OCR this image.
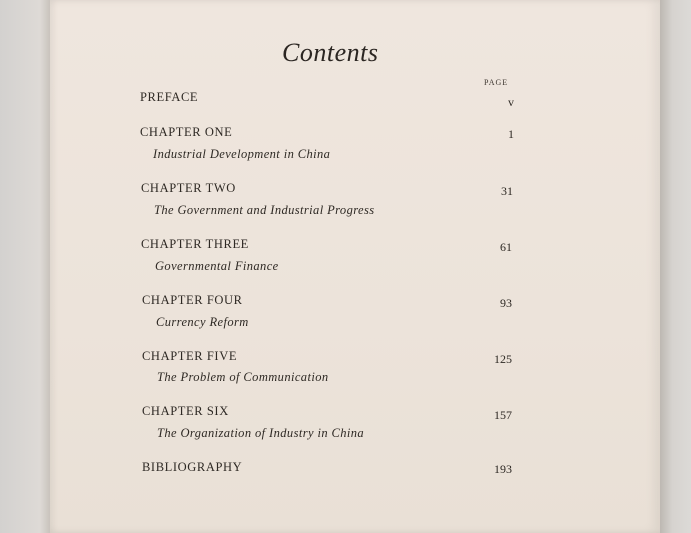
Contents
PAGE
PREFACE	v
CHAPTER ONE
Industrial Development in China
1
CHAPTER TWO
The Government and Industrial Progress
31
CHAPTER THREE
Governmental Finance
61
CHAPTER FOUR
Currency Reform
93
CHAPTER FIVE
The Problem of Communication
125
CHAPTER SIX
The Organization of Industry in China
157
BIBLIOGRAPHY	193
